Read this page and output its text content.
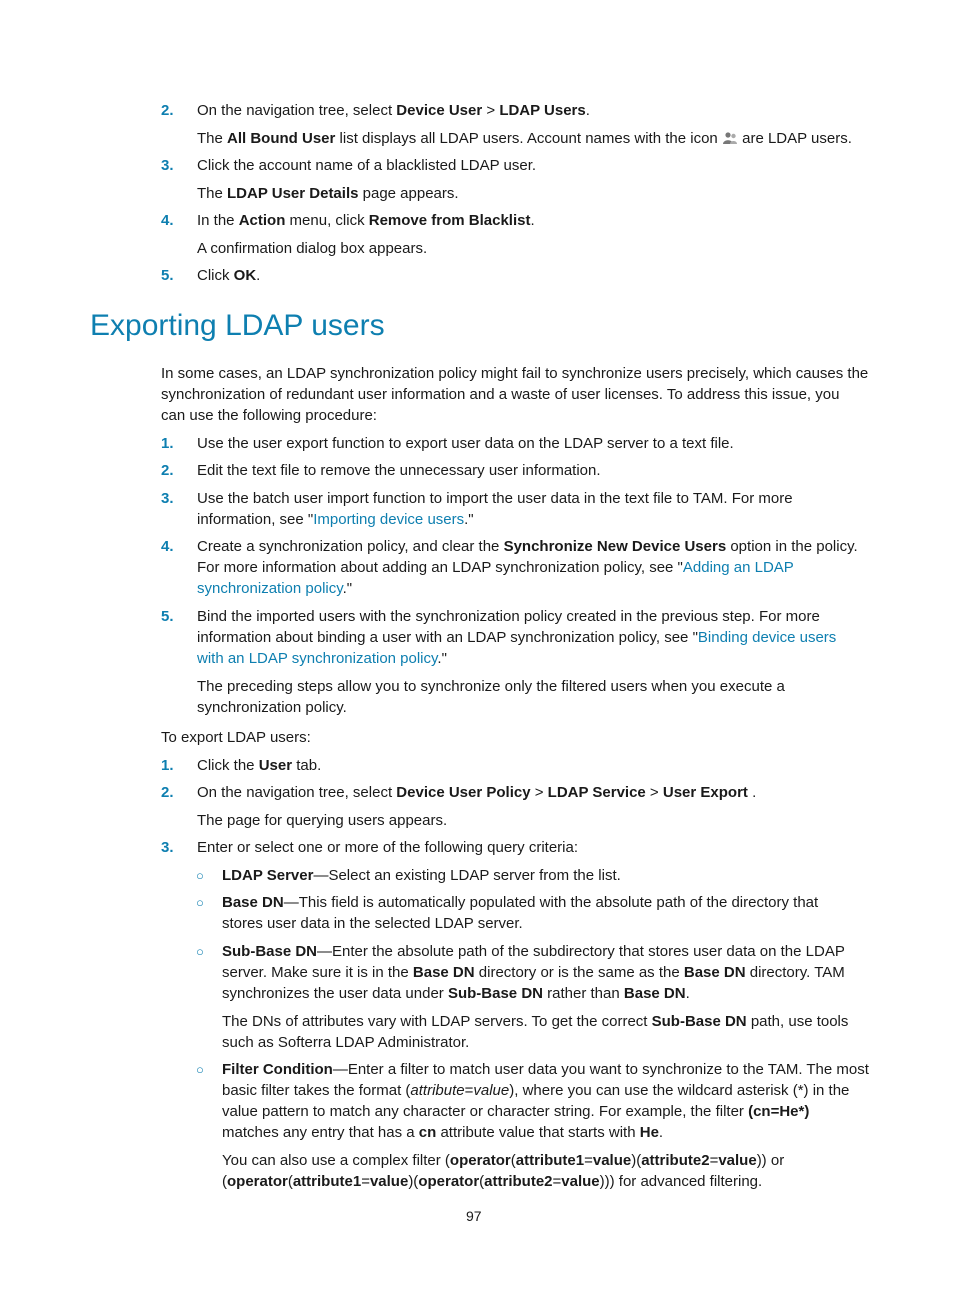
2. On the navigation tree, select Device User > LDAP Users.
The All Bound User list displays all LDAP users. Account names with the icon  are LDAP users.
3. Click the account name of a blacklisted LDAP user.
The LDAP User Details page appears.
4. In the Action menu, click Remove from Blacklist.
A confirmation dialog box appears.
5. Click OK.
Exporting LDAP users
In some cases, an LDAP synchronization policy might fail to synchronize users precisely, which causes the
synchronization of redundant user information and a waste of user licenses. To address this issue, you
can use the following procedure:
1. Use the user export function to export user data on the LDAP server to a text file.
2. Edit the text file to remove the unnecessary user information.
3. Use the batch user import function to import the user data in the text file to TAM. For more
information, see "Importing device users."
4. Create a synchronization policy, and clear the Synchronize New Device Users option in the policy.
For more information about adding an LDAP synchronization policy, see "Adding an LDAP
synchronization policy."
5. Bind the imported users with the synchronization policy created in the previous step. For more
information about binding a user with an LDAP synchronization policy, see "Binding device users
with an LDAP synchronization policy."
The preceding steps allow you to synchronize only the filtered users when you execute a
synchronization policy.
To export LDAP users:
1. Click the User tab.
2. On the navigation tree, select Device User Policy > LDAP Service > User Export .
The page for querying users appears.
3. Enter or select one or more of the following query criteria:
○ LDAP Server—Select an existing LDAP server from the list.
○ Base DN—This field is automatically populated with the absolute path of the directory that
stores user data in the selected LDAP server.
○ Sub-Base DN—Enter the absolute path of the subdirectory that stores user data on the LDAP
server. Make sure it is in the Base DN directory or is the same as the Base DN directory. TAM
synchronizes the user data under Sub-Base DN rather than Base DN.
The DNs of attributes vary with LDAP servers. To get the correct Sub-Base DN path, use tools
such as Softerra LDAP Administrator.
○ Filter Condition—Enter a filter to match user data you want to synchronize to the TAM. The most
basic filter takes the format (attribute=value), where you can use the wildcard asterisk (*) in the
value pattern to match any character or character string. For example, the filter (cn=He*)
matches any entry that has a cn attribute value that starts with He.
You can also use a complex filter (operator(attribute1=value)(attribute2=value)) or
(operator(attribute1=value)(operator(attribute2=value))) for advanced filtering.
97
